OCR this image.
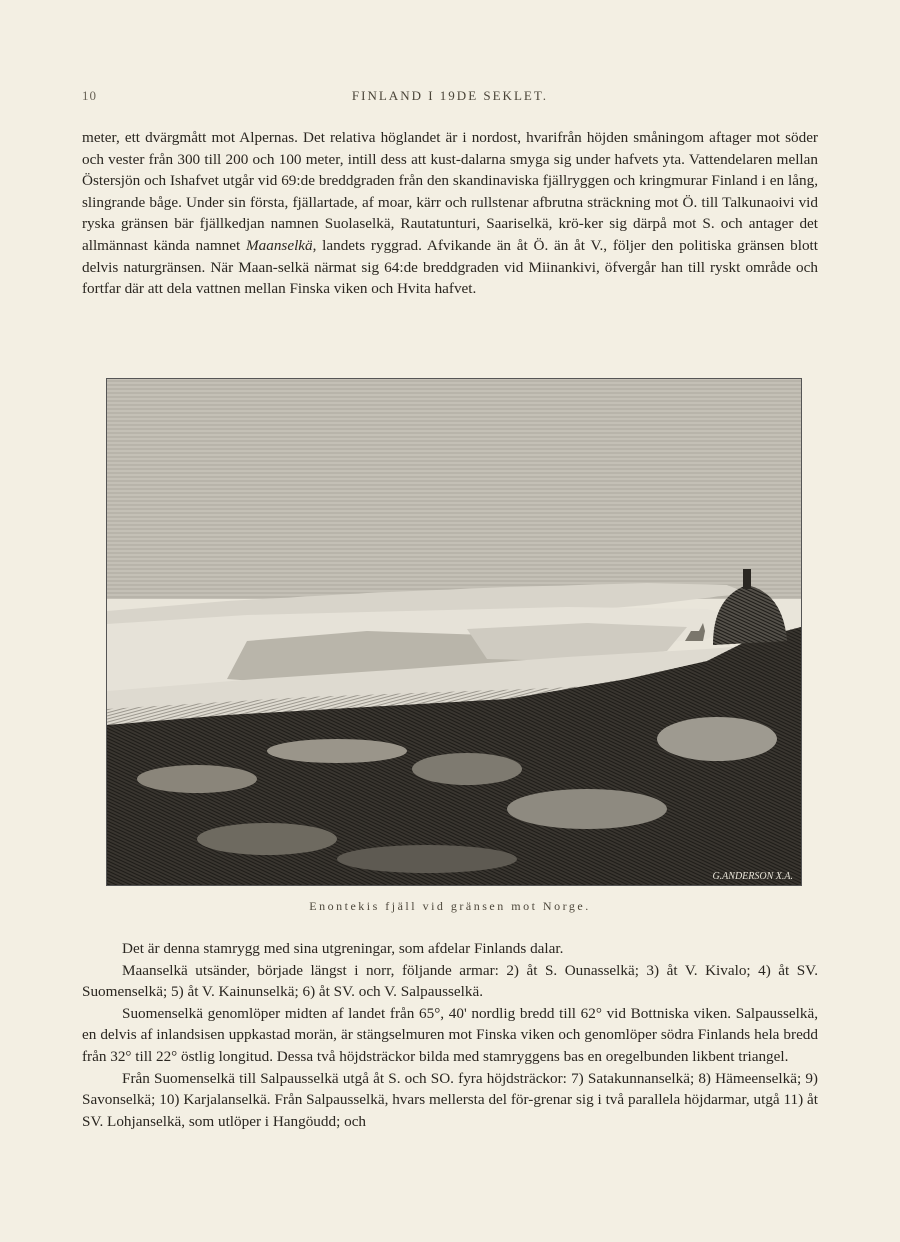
10	FINLAND I 19DE SEKLET.

meter, ett dvärgmått mot Alpernas. Det relativa höglandet är i nordost, hvarifrån höjden småningom aftager mot söder och vester från 300 till 200 och 100 meter, intill dess att kust-dalarna smyga sig under hafvets yta. Vattendelaren mellan Östersjön och Ishafvet utgår vid 69:de breddgraden från den skandinaviska fjällryggen och kringmurar Finland i en lång, slingrande båge. Under sin första, fjällartade, af moar, kärr och rullstenar afbrutna sträckning mot Ö. till Talkunaoivi vid ryska gränsen bär fjällkedjan namnen Suolaselkä, Rautatunturi, Saariselkä, krö-ker sig därpå mot S. och antager det allmännast kända namnet Maanselkä, landets ryggrad. Afvikande än åt Ö. än åt V., följer den politiska gränsen blott delvis naturgränsen. När Maan-selkä närmat sig 64:de breddgraden vid Miinankivi, öfvergår han till ryskt område och fortfar där att dela vattnen mellan Finska viken och Hvita hafvet.

G.ANDERSON X.A.
Enontekis fjäll vid gränsen mot Norge.

Det är denna stamrygg med sina utgreningar, som afdelar Finlands dalar.

Maanselkä utsänder, började längst i norr, följande armar: 2) åt S. Ounasselkä; 3) åt V. Kivalo; 4) åt SV. Suomenselkä; 5) åt V. Kainunselkä; 6) åt SV. och V. Salpausselkä.

Suomenselkä genomlöper midten af landet från 65°, 40' nordlig bredd till 62° vid Bottniska viken. Salpausselkä, en delvis af inlandsisen uppkastad morän, är stängselmuren mot Finska viken och genomlöper södra Finlands hela bredd från 32° till 22° östlig longitud. Dessa två höjdsträckor bilda med stamryggens bas en oregelbunden likbent triangel.

Från Suomenselkä till Salpausselkä utgå åt S. och SO. fyra höjdsträckor: 7) Satakunnanselkä; 8) Hämeenselkä; 9) Savonselkä; 10) Karjalanselkä. Från Salpausselkä, hvars mellersta del för-grenar sig i två parallela höjdarmar, utgå 11) åt SV. Lohjanselkä, som utlöper i Hangöudd; och
